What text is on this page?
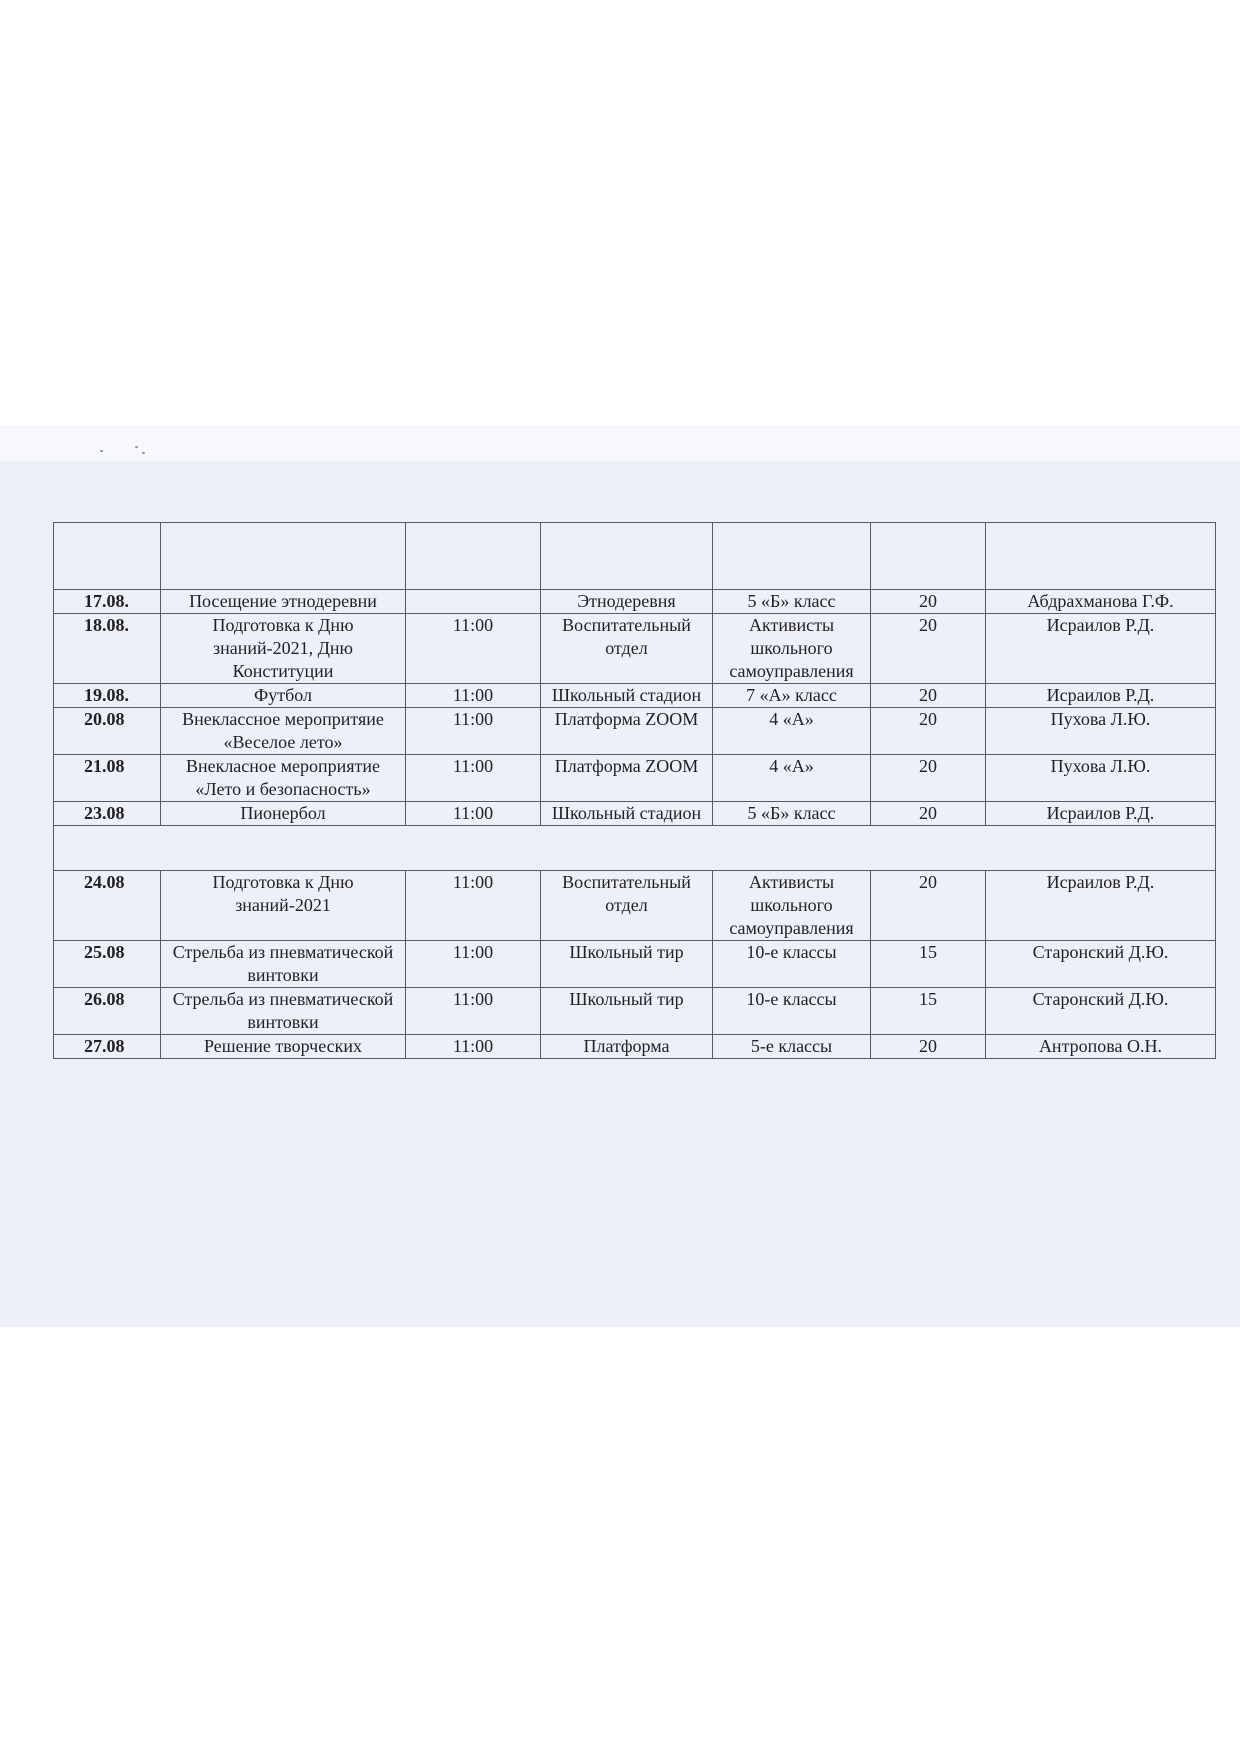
17.08.	Посещение этнодеревни		Этнодеревня	5 «Б» класс	20	Абдрахманова Г.Ф.
18.08.	Подготовка к Дню знаний-2021, Дню Конституции	11:00	Воспитательный отдел	Активисты школьного самоуправления	20	Исраилов Р.Д.
19.08.	Футбол	11:00	Школьный стадион	7 «А» класс	20	Исраилов Р.Д.
20.08	Внеклассное меропритяие «Веселое лето»	11:00	Платформа ZOOM	4 «А»	20	Пухова Л.Ю.
21.08	Внекласное мероприятие «Лето и безопасность»	11:00	Платформа ZOOM	4 «А»	20	Пухова Л.Ю.
23.08	Пионербол	11:00	Школьный стадион	5 «Б» класс	20	Исраилов Р.Д.

24.08	Подготовка к Дню знаний-2021	11:00	Воспитательный отдел	Активисты школьного самоуправления	20	Исраилов Р.Д.
25.08	Стрельба из пневматической винтовки	11:00	Школьный тир	10-е классы	15	Старонский Д.Ю.
26.08	Стрельба из пневматической винтовки	11:00	Школьный тир	10-е классы	15	Старонский Д.Ю.
27.08	Решение творческих	11:00	Платформа	5-е классы	20	Антропова О.Н.
